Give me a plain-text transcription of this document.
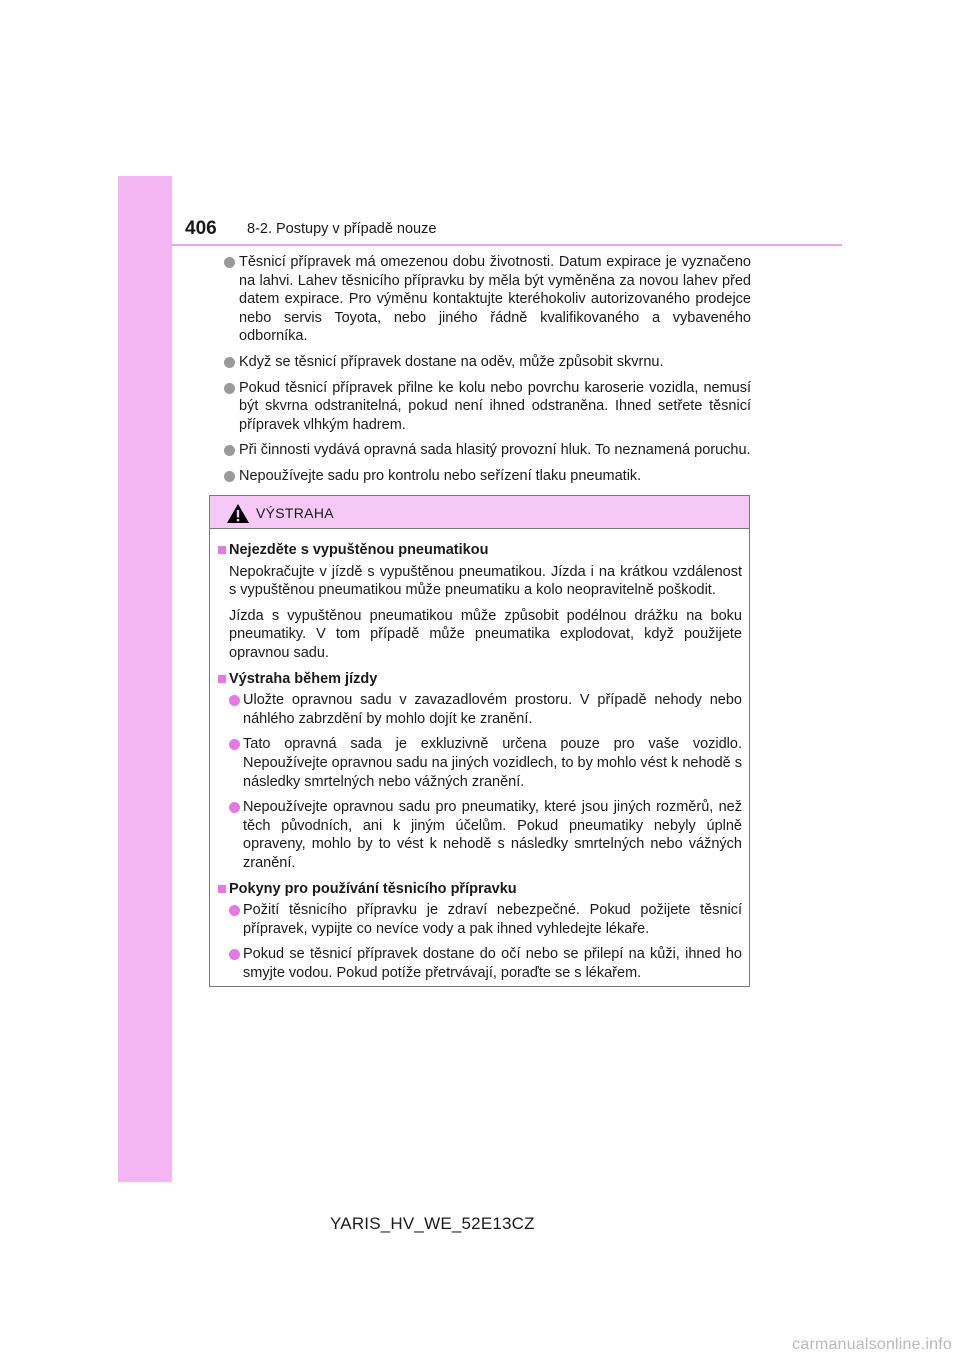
406 8-2. Postupy v případě nouze
Těsnicí přípravek má omezenou dobu životnosti. Datum expirace je vyznačeno na lahvi. Lahev těsnicího přípravku by měla být vyměněna za novou lahev před datem expirace. Pro výměnu kontaktujte kteréhokoliv autorizovaného prodejce nebo servis Toyota, nebo jiného řádně kvalifikovaného a vybaveného odborníka.
Když se těsnicí přípravek dostane na oděv, může způsobit skvrnu.
Pokud těsnicí přípravek přilne ke kolu nebo povrchu karoserie vozidla, nemusí být skvrna odstranitelná, pokud není ihned odstraněna. Ihned setřete těsnicí přípravek vlhkým hadrem.
Při činnosti vydává opravná sada hlasitý provozní hluk. To neznamená poruchu.
Nepoužívejte sadu pro kontrolu nebo seřízení tlaku pneumatik.
VÝSTRAHA
Nejezděte s vypuštěnou pneumatikou
Nepokračujte v jízdě s vypuštěnou pneumatikou. Jízda i na krátkou vzdálenost s vypuštěnou pneumatikou může pneumatiku a kolo neopravitelně poškodit.
Jízda s vypuštěnou pneumatikou může způsobit podélnou drážku na boku pneumatiky. V tom případě může pneumatika explodovat, když použijete opravnou sadu.
Výstraha během jízdy
Uložte opravnou sadu v zavazadlovém prostoru. V případě nehody nebo náhlého zabrzdění by mohlo dojít ke zranění.
Tato opravná sada je exkluzivně určena pouze pro vaše vozidlo. Nepoužívejte opravnou sadu na jiných vozidlech, to by mohlo vést k nehodě s následky smrtelných nebo vážných zranění.
Nepoužívejte opravnou sadu pro pneumatiky, které jsou jiných rozměrů, než těch původních, ani k jiným účelům. Pokud pneumatiky nebyly úplně opraveny, mohlo by to vést k nehodě s následky smrtelných nebo vážných zranění.
Pokyny pro používání těsnicího přípravku
Požití těsnicího přípravku je zdraví nebezpečné. Pokud požijete těsnicí přípravek, vypijte co nevíce vody a pak ihned vyhledejte lékaře.
Pokud se těsnicí přípravek dostane do očí nebo se přilepí na kůži, ihned ho smyjte vodou. Pokud potíže přetrvávají, poraďte se s lékařem.
YARIS_HV_WE_52E13CZ
carmanualsonline.info
